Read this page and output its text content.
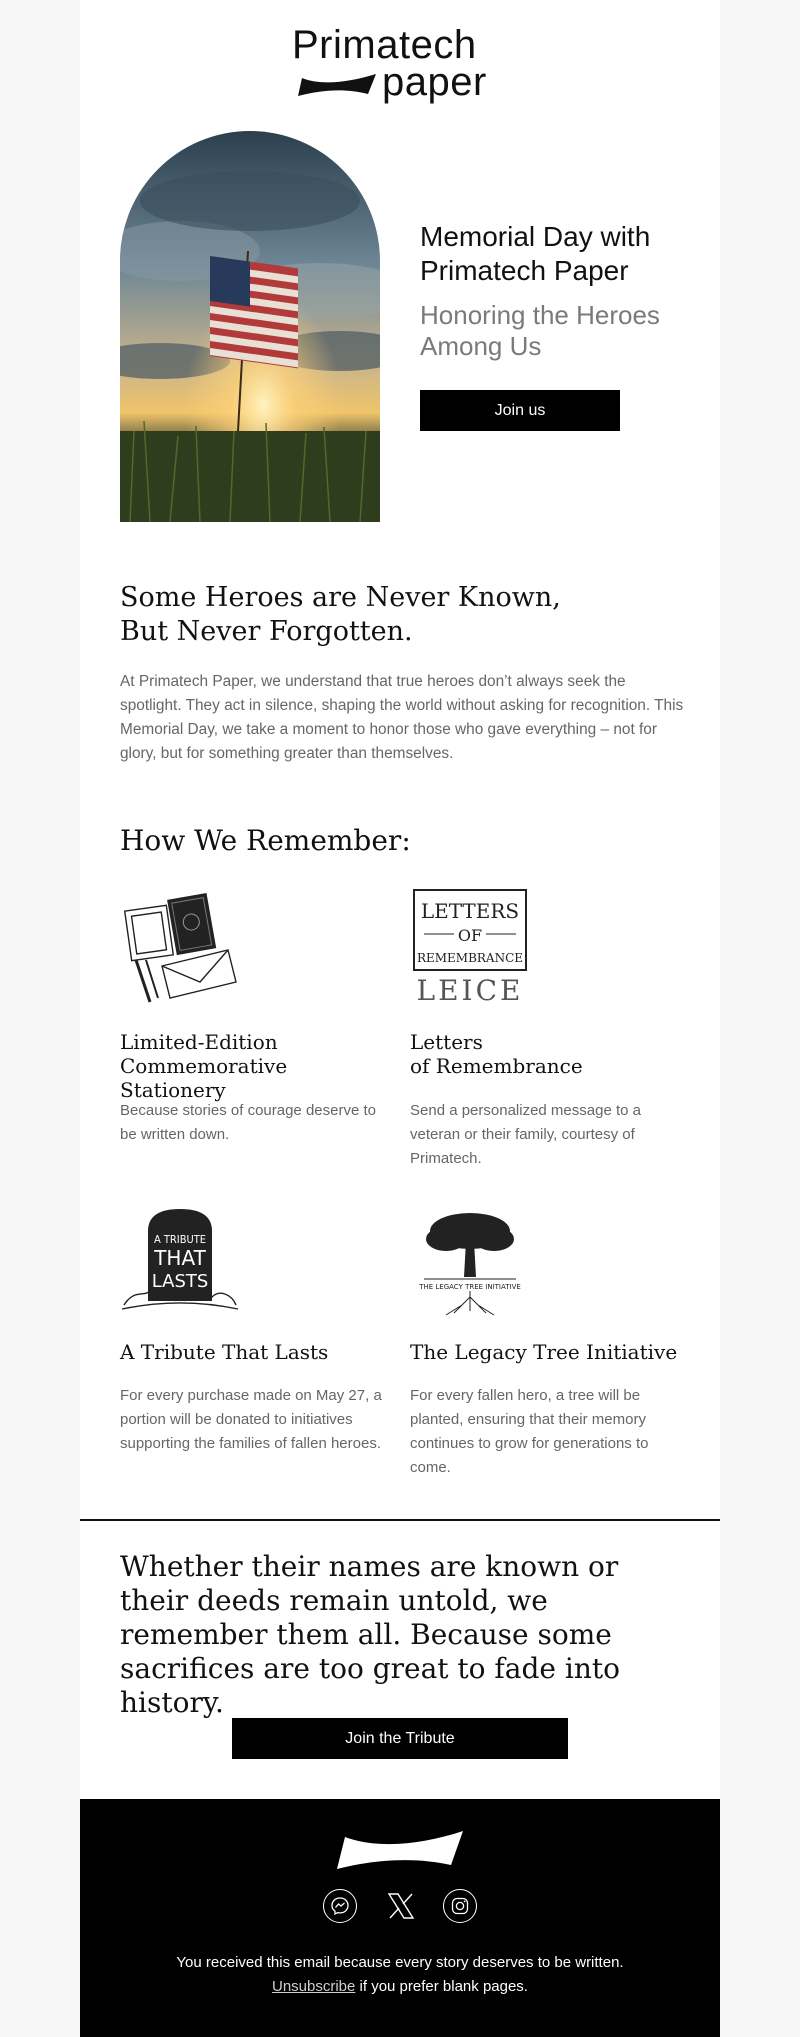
Primatech
paper
Memorial Day with Primatech Paper
Honoring the Heroes Among Us
Join us
Some Heroes are Never Known,
But Never Forgotten.
At Primatech Paper, we understand that true heroes don’t always seek the spotlight. They act in silence, shaping the world without asking for recognition. This Memorial Day, we take a moment to honor those who gave everything – not for glory, but for something greater than themselves.
How We Remember:
Limited-Edition
Commemorative Stationery
Because stories of courage deserve to be written down.
LETTERS
OF
REMEMBRANCE
LEICE
Letters
of Remembrance
Send a personalized message to a veteran or their family, courtesy of Primatech.
A TRIBUTE
THAT
LASTS
A Tribute That Lasts
For every purchase made on May 27, a portion will be donated to initiatives supporting the families of fallen heroes.
THE LEGACY TREE INITIATIVE
The Legacy Tree Initiative
For every fallen hero, a tree will be planted, ensuring that their memory continues to grow for generations to come.
Whether their names are known or their deeds remain untold, we remember them all. Because some sacrifices are too great to fade into history.
Join the Tribute
You received this email because every story deserves to be written.
Unsubscribe if you prefer blank pages.
